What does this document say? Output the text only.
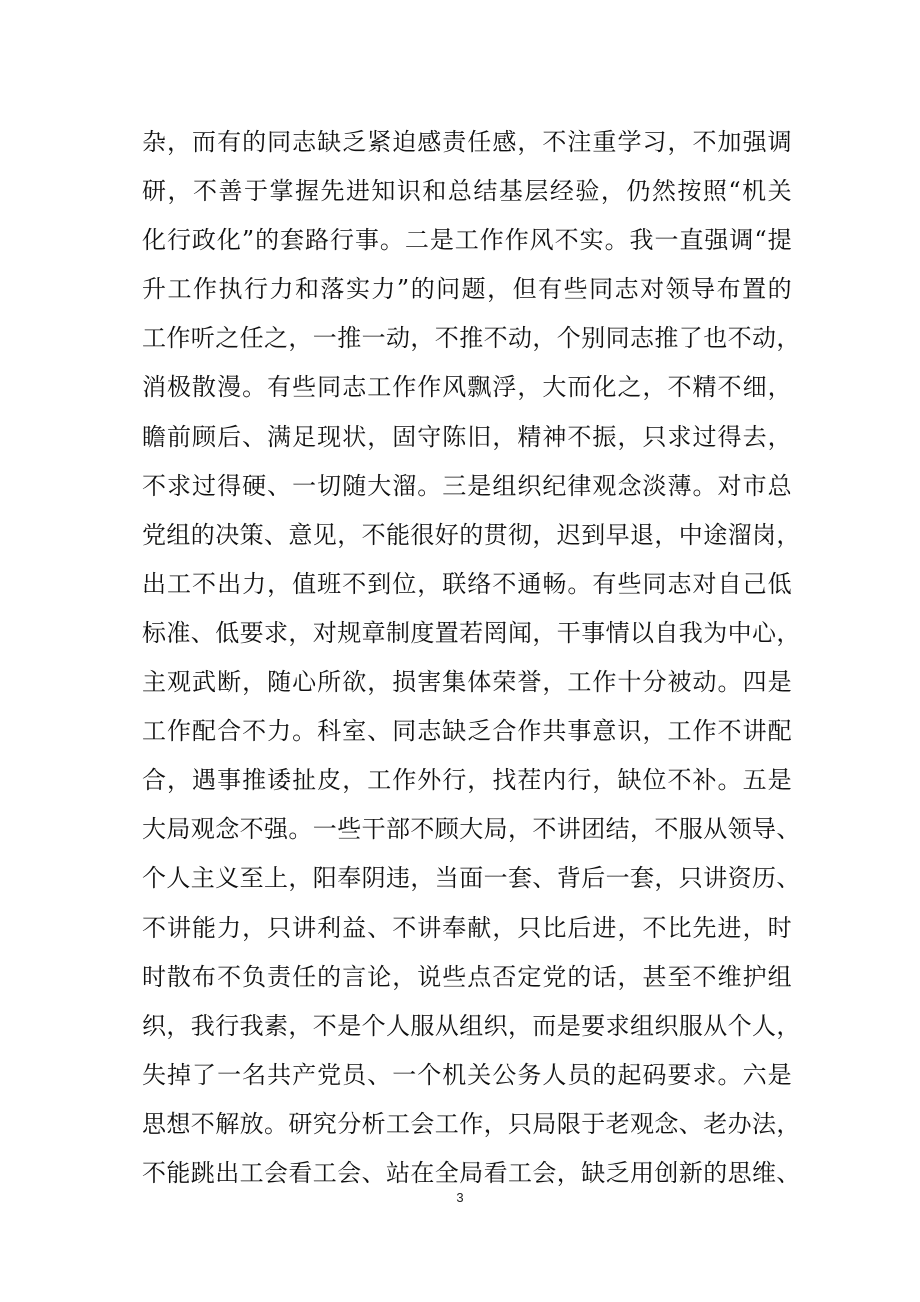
杂，而有的同志缺乏紧迫感责任感，不注重学习，不加强调
研，不善于掌握先进知识和总结基层经验，仍然按照“机关
化行政化”的套路行事。二是工作作风不实。我一直强调“提
升工作执行力和落实力”的问题，但有些同志对领导布置的
工作听之任之，一推一动，不推不动，个别同志推了也不动，
消极散漫。有些同志工作作风飘浮，大而化之，不精不细，
瞻前顾后、满足现状，固守陈旧，精神不振，只求过得去，
不求过得硬、一切随大溜。三是组织纪律观念淡薄。对市总
党组的决策、意见，不能很好的贯彻，迟到早退，中途溜岗，
出工不出力，值班不到位，联络不通畅。有些同志对自己低
标准、低要求，对规章制度置若罔闻，干事情以自我为中心，
主观武断，随心所欲，损害集体荣誉，工作十分被动。四是
工作配合不力。科室、同志缺乏合作共事意识，工作不讲配
合，遇事推诿扯皮，工作外行，找茬内行，缺位不补。五是
大局观念不强。一些干部不顾大局，不讲团结，不服从领导、
个人主义至上，阳奉阴违，当面一套、背后一套，只讲资历、
不讲能力，只讲利益、不讲奉献，只比后进，不比先进，时
时散布不负责任的言论，说些点否定党的话，甚至不维护组
织，我行我素，不是个人服从组织，而是要求组织服从个人，
失掉了一名共产党员、一个机关公务人员的起码要求。六是
思想不解放。研究分析工会工作，只局限于老观念、老办法，
不能跳出工会看工会、站在全局看工会，缺乏用创新的思维、
3
